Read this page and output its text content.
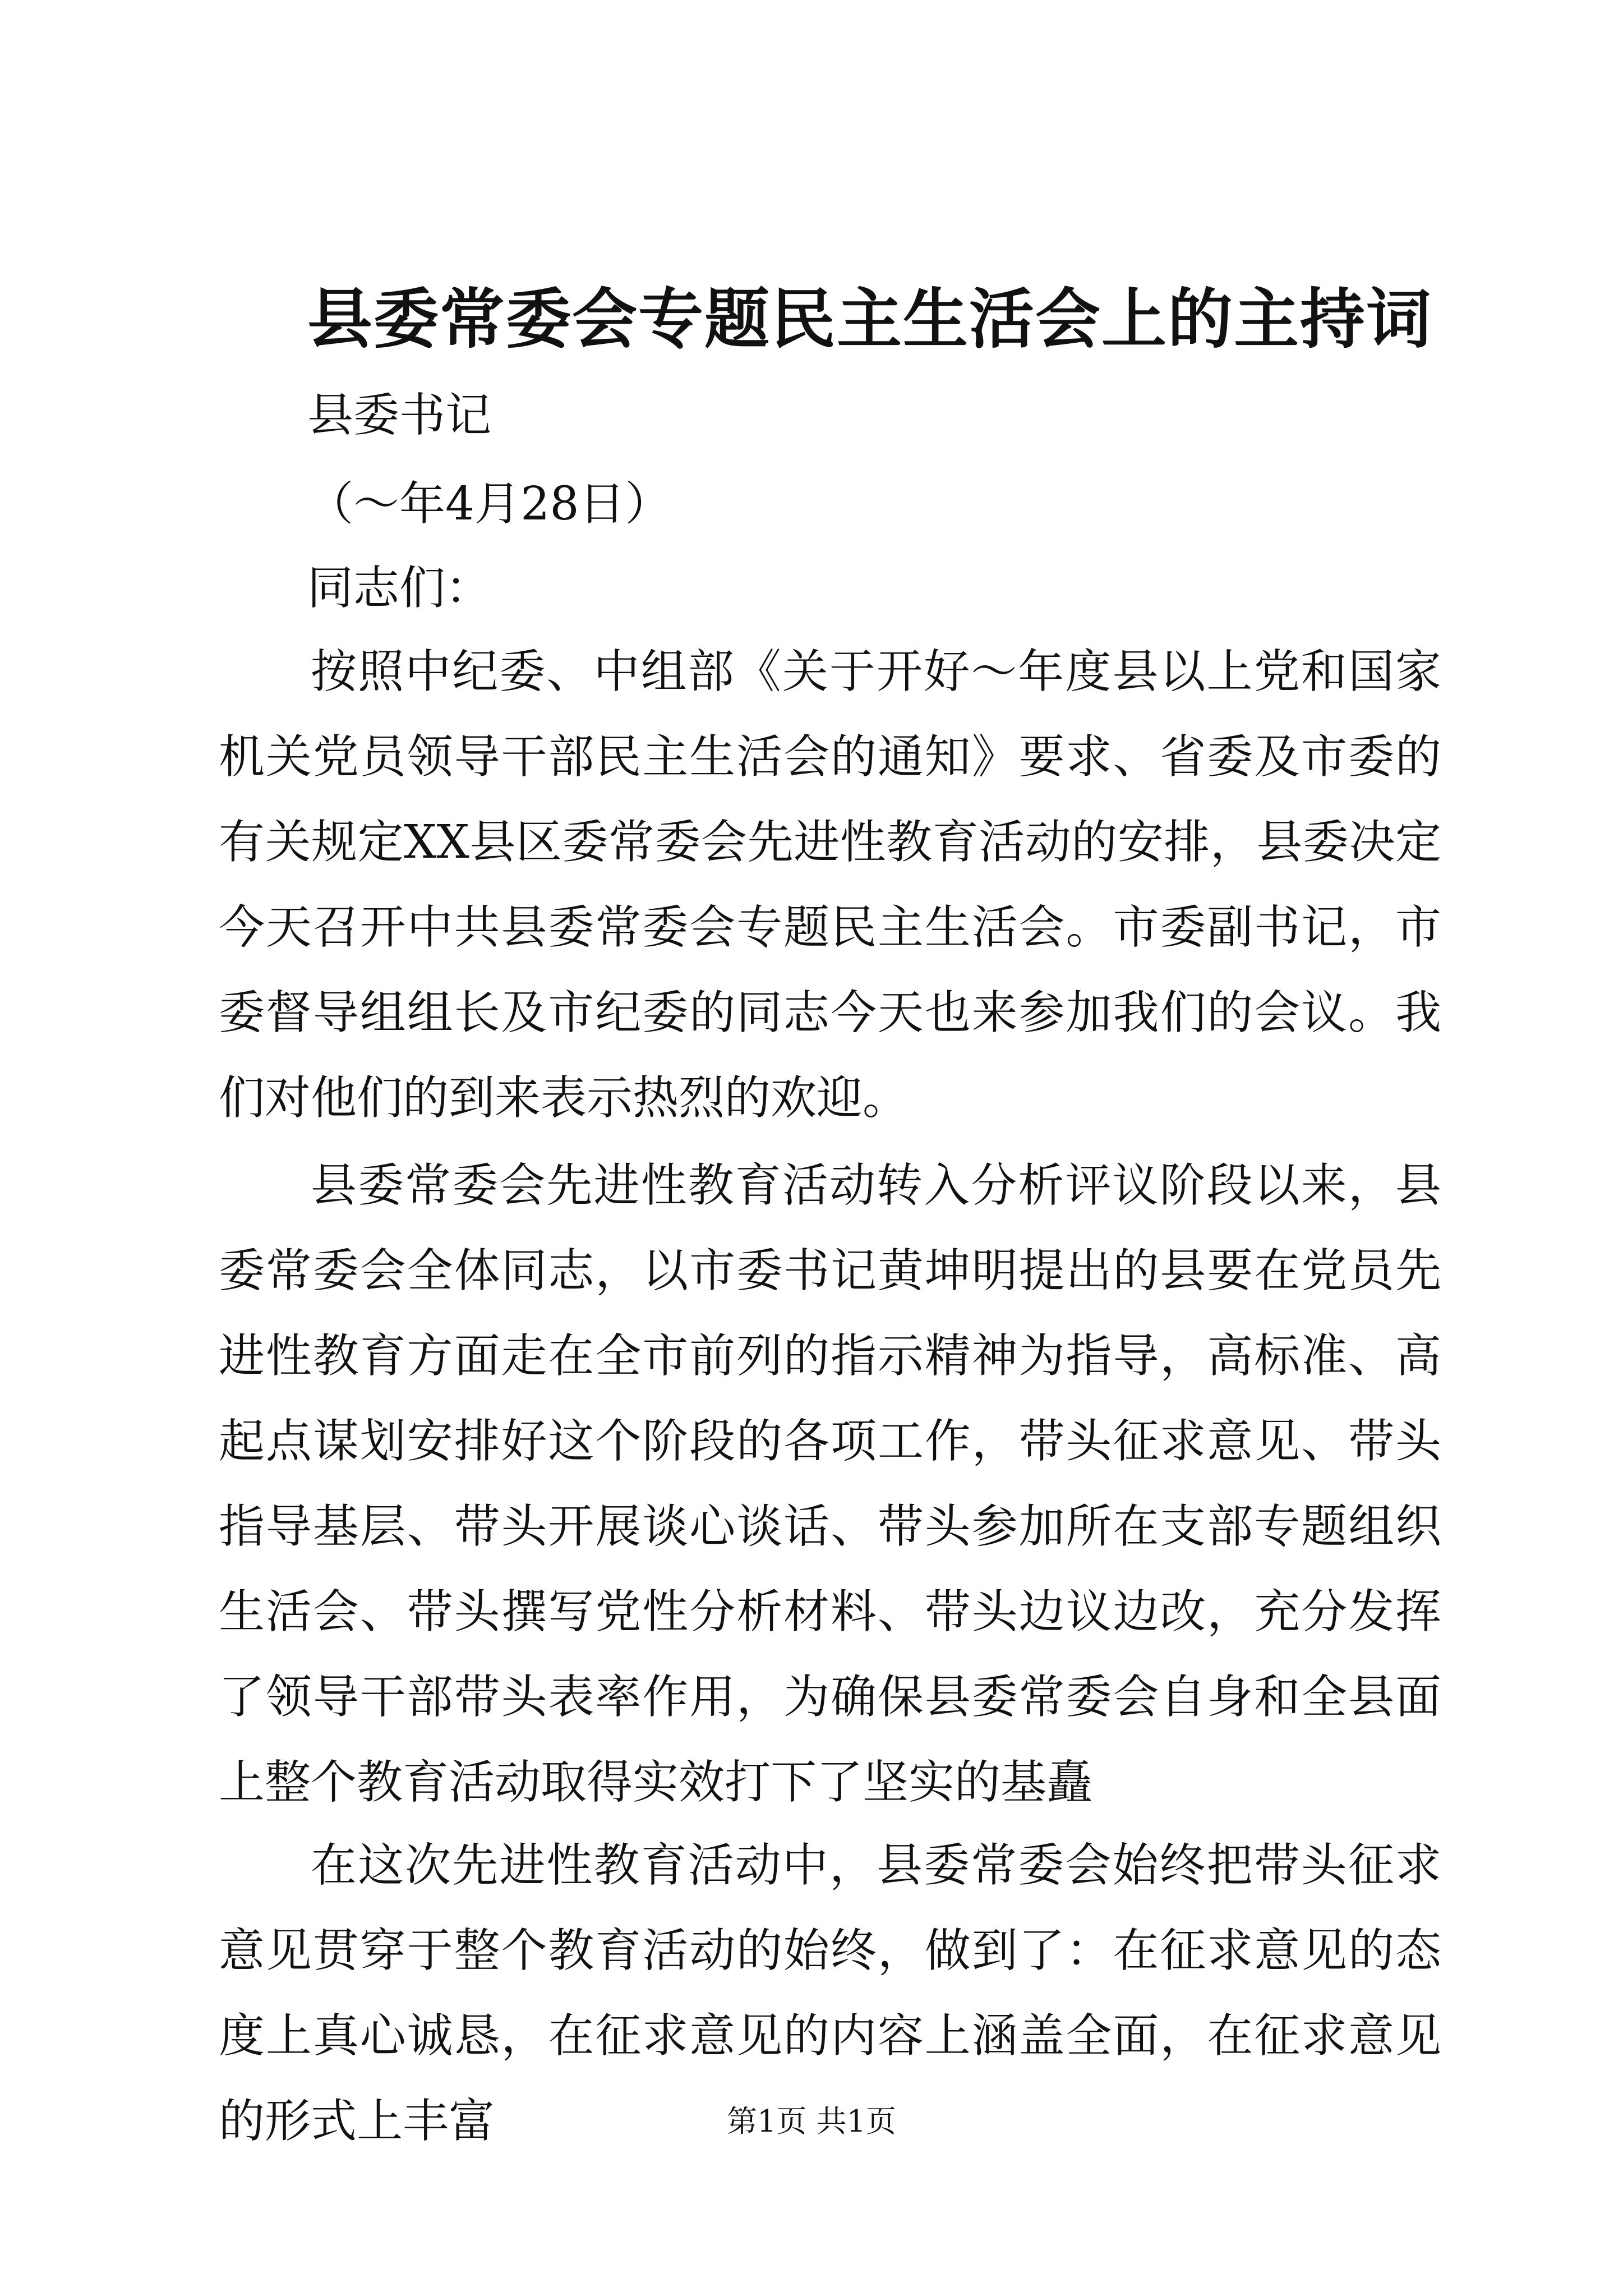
县委常委会专题民主生活会上的主持词
县委书记
（～年4月28日）
同志们：
按照中纪委、中组部《关于开好～年度县以上党和国家机关党员领导干部民主生活会的通知》要求、省委及市委的有关规定XX县区委常委会先进性教育活动的安排，县委决定今天召开中共县委常委会专题民主生活会。市委副书记，市委督导组组长及市纪委的同志今天也来参加我们的会议。我们对他们的到来表示热烈的欢迎。
县委常委会先进性教育活动转入分析评议阶段以来，县委常委会全体同志，以市委书记黄坤明提出的县要在党员先进性教育方面走在全市前列的指示精神为指导，高标准、高起点谋划安排好这个阶段的各项工作，带头征求意见、带头指导基层、带头开展谈心谈话、带头参加所在支部专题组织生活会、带头撰写党性分析材料、带头边议边改，充分发挥了领导干部带头表率作用，为确保县委常委会自身和全县面上整个教育活动取得实效打下了坚实的基矗
在这次先进性教育活动中，县委常委会始终把带头征求意见贯穿于整个教育活动的始终，做到了：在征求意见的态度上真心诚恳，在征求意见的内容上涵盖全面，在征求意见的形式上丰富	第1页 共1页
